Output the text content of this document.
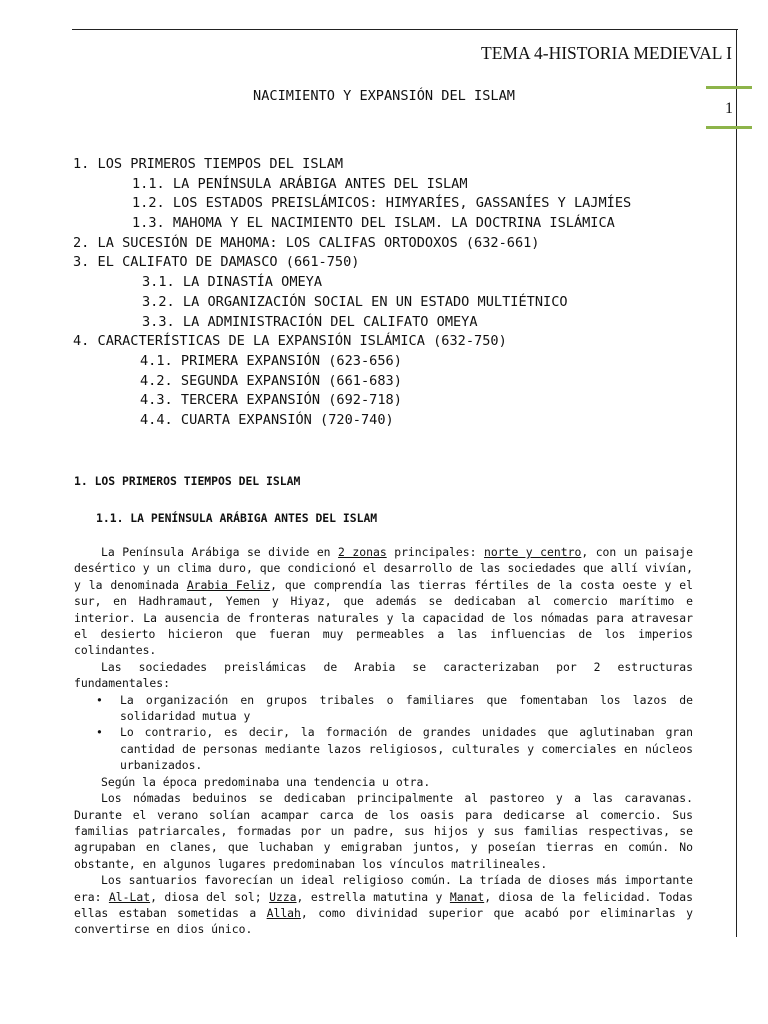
TEMA 4-HISTORIA MEDIEVAL I
1
NACIMIENTO Y EXPANSIÓN DEL ISLAM
1. LOS PRIMEROS TIEMPOS DEL ISLAM
1.1. LA PENÍNSULA ARÁBIGA ANTES DEL ISLAM
1.2. LOS ESTADOS PREISLÁMICOS: HIMYARÍES, GASSANÍES Y LAJMÍES
1.3. MAHOMA Y EL NACIMIENTO DEL ISLAM. LA DOCTRINA ISLÁMICA
2. LA SUCESIÓN DE MAHOMA: LOS CALIFAS ORTODOXOS (632-661)
3. EL CALIFATO DE DAMASCO (661-750)
3.1. LA DINASTÍA OMEYA
3.2. LA ORGANIZACIÓN SOCIAL EN UN ESTADO MULTIÉTNICO
3.3. LA ADMINISTRACIÓN DEL CALIFATO OMEYA
4. CARACTERÍSTICAS DE LA EXPANSIÓN ISLÁMICA (632-750)
4.1. PRIMERA EXPANSIÓN (623-656)
4.2. SEGUNDA EXPANSIÓN (661-683)
4.3. TERCERA EXPANSIÓN (692-718)
4.4. CUARTA EXPANSIÓN (720-740)
1. LOS PRIMEROS TIEMPOS DEL ISLAM
1.1. LA PENÍNSULA ARÁBIGA ANTES DEL ISLAM

La Península Arábiga se divide en 2 zonas principales: norte y centro, con un paisaje desértico y un clima duro, que condicionó el desarrollo de las sociedades que allí vivían, y la denominada Arabia Feliz, que comprendía las tierras fértiles de la costa oeste y el sur, en Hadhramaut, Yemen y Hiyaz, que además se dedicaban al comercio marítimo e interior. La ausencia de fronteras naturales y la capacidad de los nómadas para atravesar el desierto hicieron que fueran muy permeables a las influencias de los imperios colindantes.

Las sociedades preislámicas de Arabia se caracterizaban por 2 estructuras fundamentales:

• La organización en grupos tribales o familiares que fomentaban los lazos de solidaridad mutua y
• Lo contrario, es decir, la formación de grandes unidades que aglutinaban gran cantidad de personas mediante lazos religiosos, culturales y comerciales en núcleos urbanizados.

Según la época predominaba una tendencia u otra.

Los nómadas beduinos se dedicaban principalmente al pastoreo y a las caravanas. Durante el verano solían acampar carca de los oasis para dedicarse al comercio. Sus familias patriarcales, formadas por un padre, sus hijos y sus familias respectivas, se agrupaban en clanes, que luchaban y emigraban juntos, y poseían tierras en común. No obstante, en algunos lugares predominaban los vínculos matrilineales.

Los santuarios favorecían un ideal religioso común. La tríada de dioses más importante era: Al-Lat, diosa del sol; Uzza, estrella matutina y Manat, diosa de la felicidad. Todas ellas estaban sometidas a Allah, como divinidad superior que acabó por eliminarlas y convertirse en dios único.
